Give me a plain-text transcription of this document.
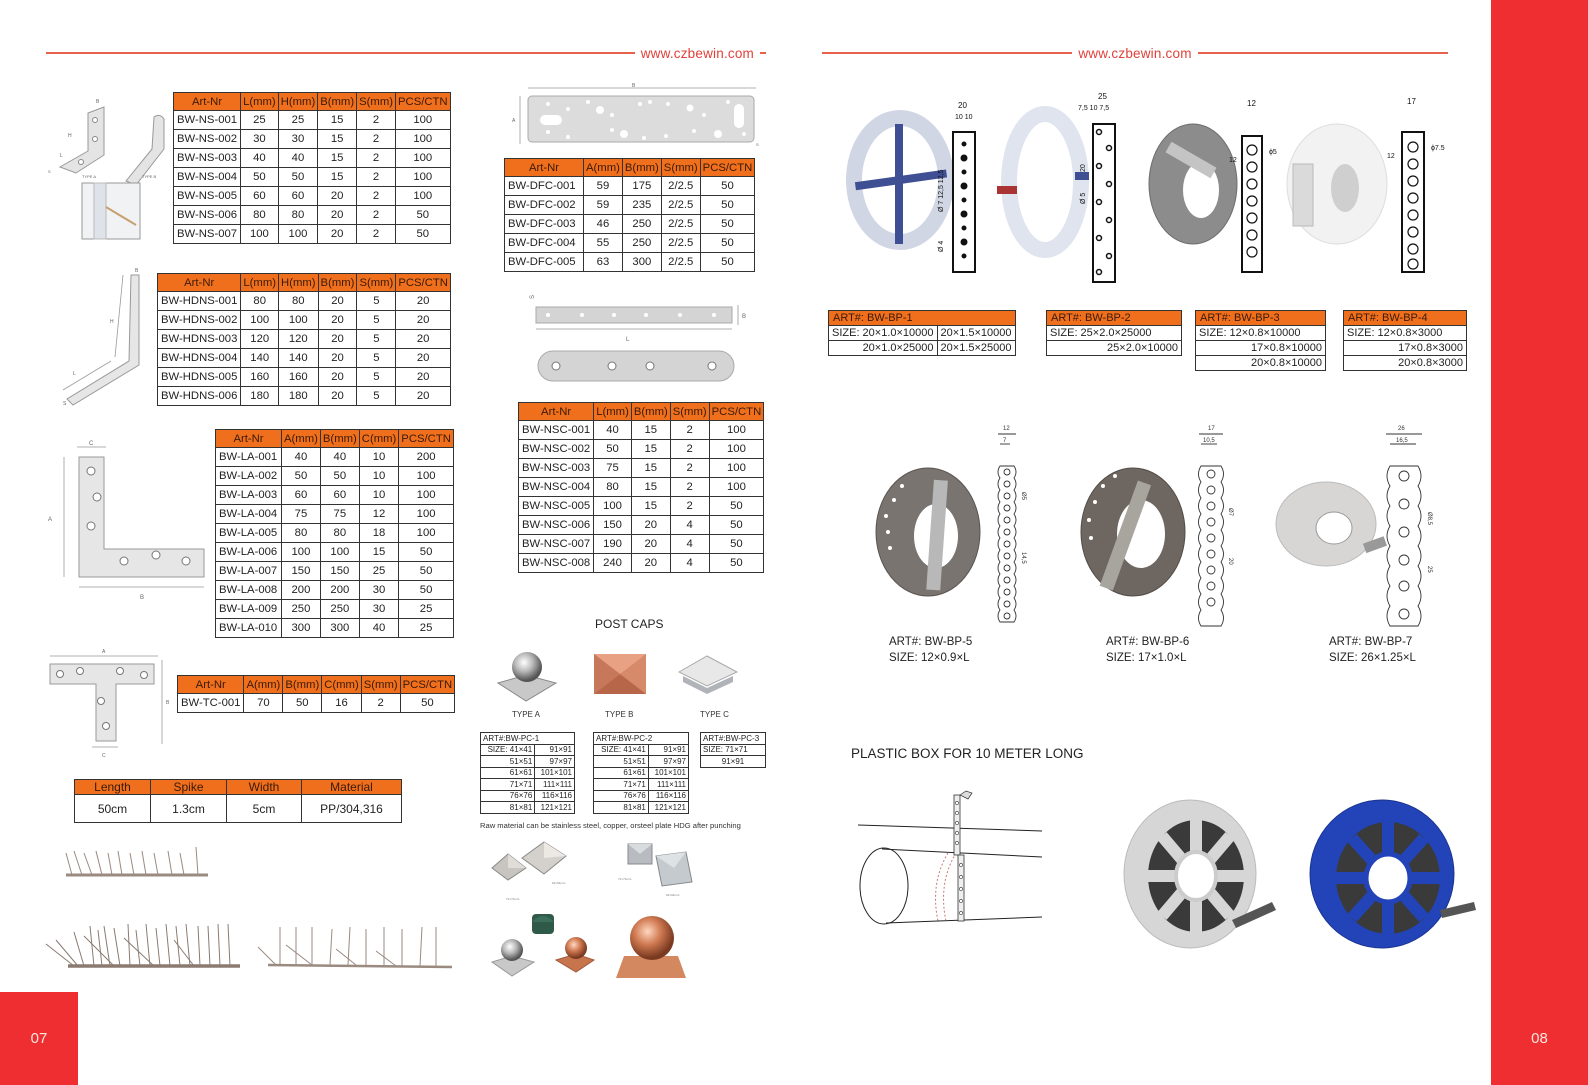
www.czbewin.com	www.czbewin.com
07	08
B
H
L
S
TYPE A	TYPE B
Art-Nr	L(mm)	H(mm)	B(mm)	S(mm)	PCS/CTN
BW-NS-001	25	25	15	2	100
BW-NS-002	30	30	15	2	100
BW-NS-003	40	40	15	2	100
BW-NS-004	50	50	15	2	100
BW-NS-005	60	60	20	2	100
BW-NS-006	80	80	20	2	50
BW-NS-007	100	100	20	2	50
B
H
L
S
Art-Nr	L(mm)	H(mm)	B(mm)	S(mm)	PCS/CTN
BW-HDNS-001	80	80	20	5	20
BW-HDNS-002	100	100	20	5	20
BW-HDNS-003	120	120	20	5	20
BW-HDNS-004	140	140	20	5	20
BW-HDNS-005	160	160	20	5	20
BW-HDNS-006	180	180	20	5	20
C
A
B
Art-Nr	A(mm)	B(mm)	C(mm)	PCS/CTN
BW-LA-001	40	40	10	200
BW-LA-002	50	50	10	100
BW-LA-003	60	60	10	100
BW-LA-004	75	75	12	100
BW-LA-005	80	80	18	100
BW-LA-006	100	100	15	50
BW-LA-007	150	150	25	50
BW-LA-008	200	200	30	50
BW-LA-009	250	250	30	25
BW-LA-010	300	300	40	25
A
B
C
Art-Nr	A(mm)	B(mm)	C(mm)	S(mm)	PCS/CTN
BW-TC-001	70	50	16	2	50
Length	Spike	Width	Material
50cm	1.3cm	5cm	PP/304,316
B
A
S
Art-Nr	A(mm)	B(mm)	S(mm)	PCS/CTN
BW-DFC-001	59	175	2/2.5	50
BW-DFC-002	59	235	2/2.5	50
BW-DFC-003	46	250	2/2.5	50
BW-DFC-004	55	250	2/2.5	50
BW-DFC-005	63	300	2/2.5	50
S
L
B
Art-Nr	L(mm)	B(mm)	S(mm)	PCS/CTN
BW-NSC-001	40	15	2	100
BW-NSC-002	50	15	2	100
BW-NSC-003	75	15	2	100
BW-NSC-004	80	15	2	100
BW-NSC-005	100	15	2	50
BW-NSC-006	150	20	4	50
BW-NSC-007	190	20	4	50
BW-NSC-008	240	20	4	50
POST CAPS
TYPE A	TYPE B	TYPE C
ART#:BW-PC-1	
SIZE: 41×41	91×91
51×51	97×97
61×61	101×101
71×71	111×111
76×76	116×116
81×81	121×121
ART#:BW-PC-2	
SIZE: 41×41	91×91
51×51	97×97
61×61	101×101
71×71	111×111
76×76	116×116
81×81	121×121
ART#:BW-PC-3
SIZE: 71×71
91×91
Raw material can be stainless steel, copper, orsteel plate HDG after punching
91×91mm
71×71mm
71×71mm
91×91mm
20
10 10
Ø 7 12,5 12,5
Ø 4
25
7,5 10 7,5
20
Ø 5
12
12
ϕ5
17
12
ϕ7.5
ART#: BW-BP-1	
SIZE: 20×1.0×10000	20×1.5×10000
20×1.0×25000	20×1.5×25000
ART#: BW-BP-2
SIZE: 25×2.0×25000
25×2.0×10000
ART#: BW-BP-3
SIZE: 12×0.8×10000
17×0.8×10000
20×0.8×10000
ART#: BW-BP-4
SIZE: 12×0.8×3000
17×0.8×3000
20×0.8×3000
12
7
Ø5
14,5
17
10,5
Ø7
20
26
16,5
Ø8,5
25
ART#: BW-BP-5
SIZE: 12×0.9×L
ART#: BW-BP-6
SIZE: 17×1.0×L
ART#: BW-BP-7
SIZE: 26×1.25×L
PLASTIC BOX FOR 10 METER LONG
